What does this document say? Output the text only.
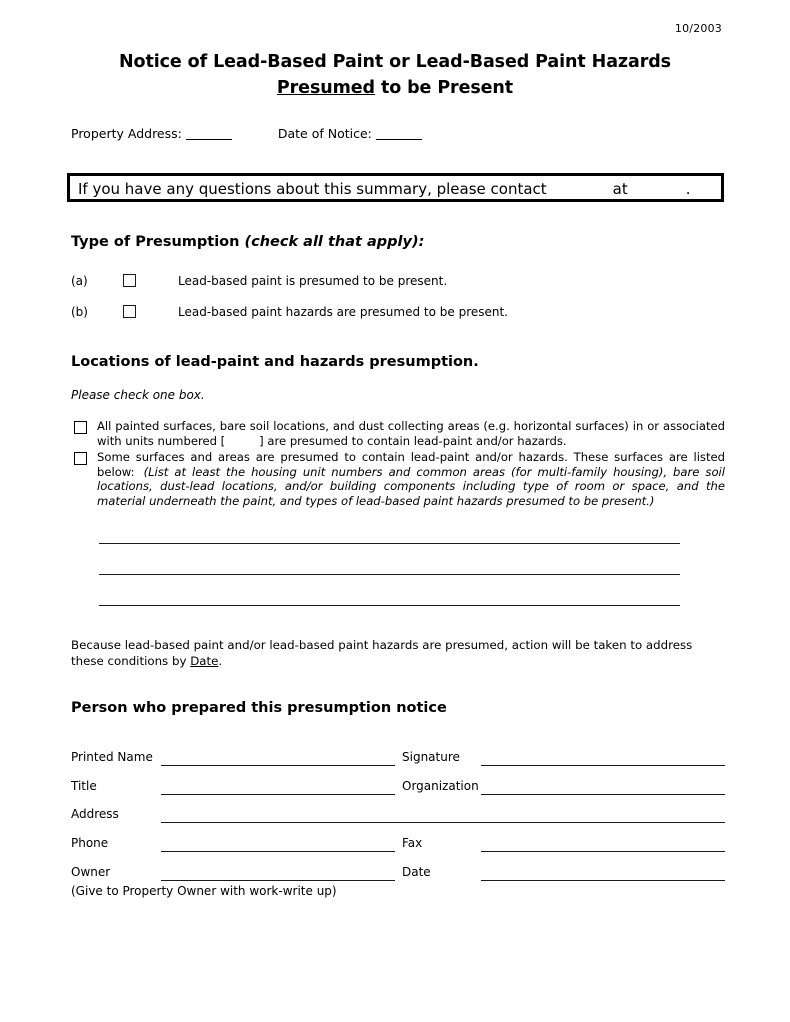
10/2003
Notice of Lead-Based Paint or Lead-Based Paint Hazards
Presumed to be Present
Property Address:	Date of Notice:
If you have any questions about this summary, please contact	at	.
Type of Presumption (check all that apply):
(a)	Lead-based paint is presumed to be present.
(b)	Lead-based paint hazards are presumed to be present.
Locations of lead-paint and hazards presumption.
Please check one box.
All painted surfaces, bare soil locations, and dust collecting areas (e.g. horizontal surfaces) in or associated with units numbered [	] are presumed to contain lead-paint and/or hazards.
Some surfaces and areas are presumed to contain lead-paint and/or hazards. These surfaces are listed below: (List at least the housing unit numbers and common areas (for multi-family housing), bare soil locations, dust-lead locations, and/or building components including type of room or space, and the material underneath the paint, and types of lead-based paint hazards presumed to be present.)
Because lead-based paint and/or lead-based paint hazards are presumed, action will be taken to address these conditions by Date.
Person who prepared this presumption notice
Printed Name	Signature
Title	Organization
Address
Phone	Fax
Owner	Date
(Give to Property Owner with work-write up)
